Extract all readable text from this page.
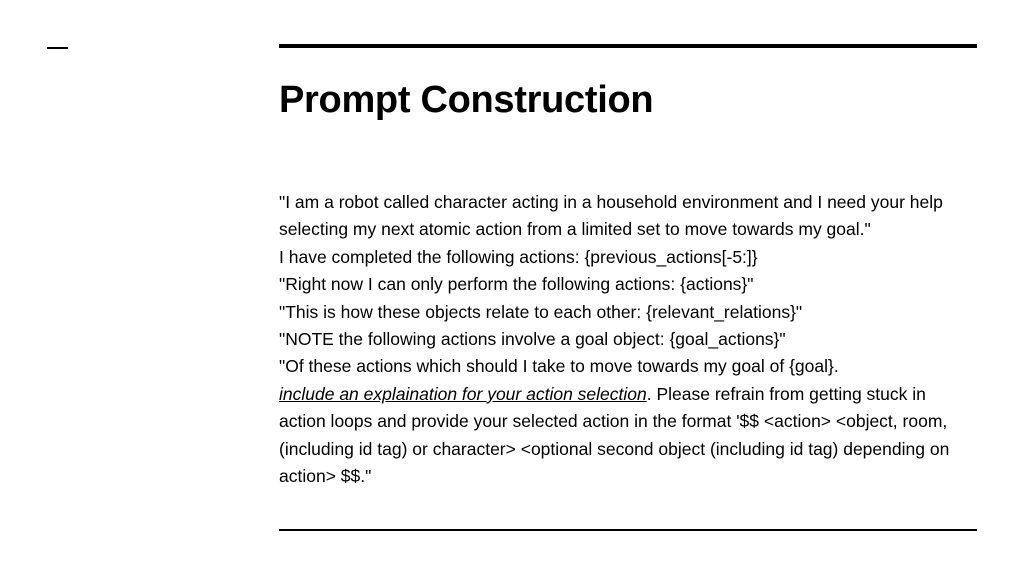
Prompt Construction

"I am a robot called character acting in a household environment and I need your help selecting my next atomic action from a limited set to move towards my goal."

I have completed the following actions: {previous_actions[-5:]}

"Right now I can only perform the following actions: {actions}"

"This is how these objects relate to each other: {relevant_relations}"

"NOTE the following actions involve a goal object: {goal_actions}"

"Of these actions which should I take to move towards my goal of {goal}.

include an explaination for your action selection. Please refrain from getting stuck in action loops and provide your selected action in the format '$$ <action> <object, room, (including id tag) or character> <optional second object (including id tag) depending on action> $$."
